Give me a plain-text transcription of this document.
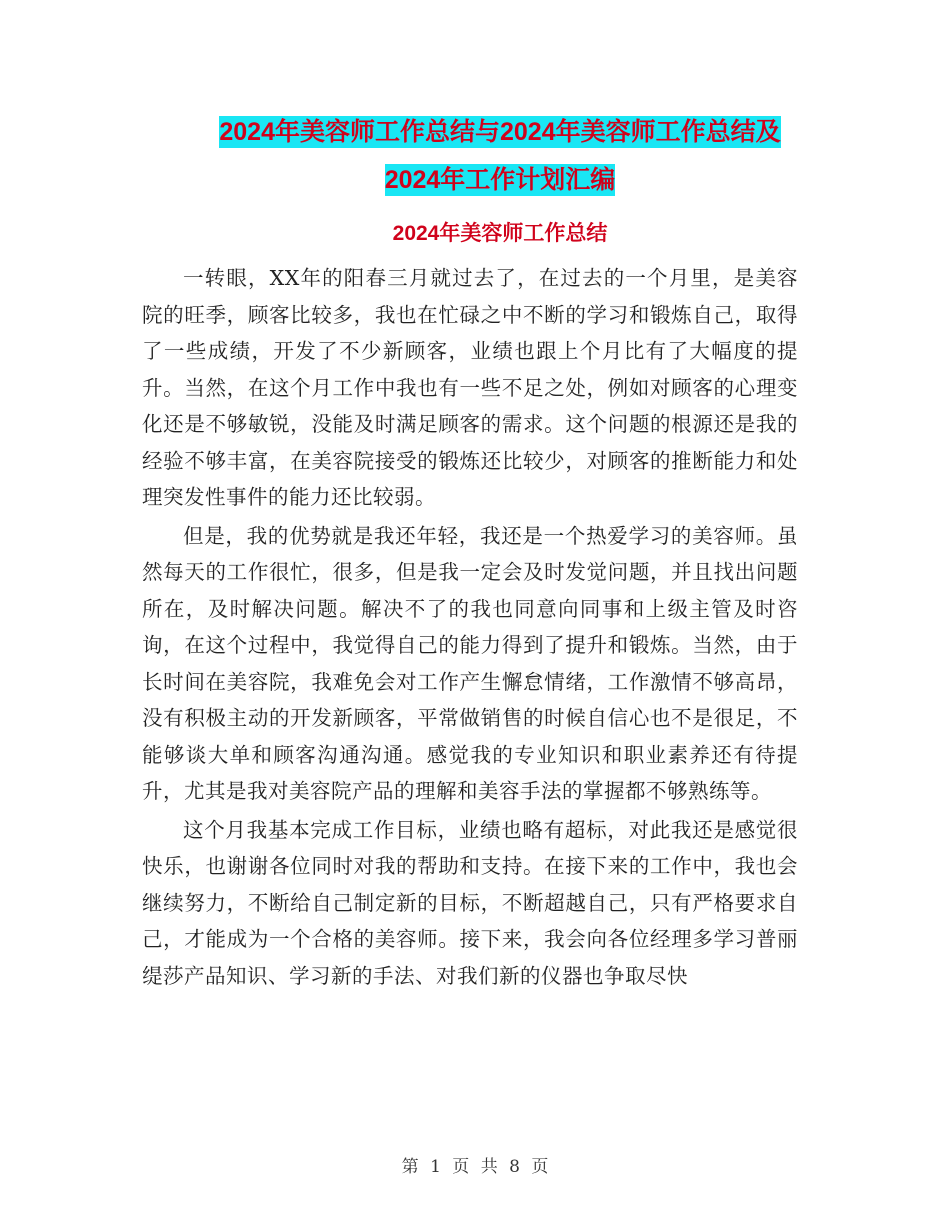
2024年美容师工作总结与2024年美容师工作总结及
2024年工作计划汇编
2024年美容师工作总结

一转眼，XX年的阳春三月就过去了，在过去的一个月里，是美容院的旺季，顾客比较多，我也在忙碌之中不断的学习和锻炼自己，取得了一些成绩，开发了不少新顾客，业绩也跟上个月比有了大幅度的提升。当然，在这个月工作中我也有一些不足之处，例如对顾客的心理变化还是不够敏锐，没能及时满足顾客的需求。这个问题的根源还是我的经验不够丰富，在美容院接受的锻炼还比较少，对顾客的推断能力和处理突发性事件的能力还比较弱。

但是，我的优势就是我还年轻，我还是一个热爱学习的美容师。虽然每天的工作很忙，很多，但是我一定会及时发觉问题，并且找出问题所在，及时解决问题。解决不了的我也同意向同事和上级主管及时咨询，在这个过程中，我觉得自己的能力得到了提升和锻炼。当然，由于长时间在美容院，我难免会对工作产生懈怠情绪，工作激情不够高昂，没有积极主动的开发新顾客，平常做销售的时候自信心也不是很足，不能够谈大单和顾客沟通沟通。感觉我的专业知识和职业素养还有待提升，尤其是我对美容院产品的理解和美容手法的掌握都不够熟练等。

这个月我基本完成工作目标，业绩也略有超标，对此我还是感觉很快乐，也谢谢各位同时对我的帮助和支持。在接下来的工作中，我也会继续努力，不断给自己制定新的目标，不断超越自己，只有严格要求自己，才能成为一个合格的美容师。接下来，我会向各位经理多学习普丽缇莎产品知识、学习新的手法、对我们新的仪器也争取尽快

第 1 页 共 8 页
